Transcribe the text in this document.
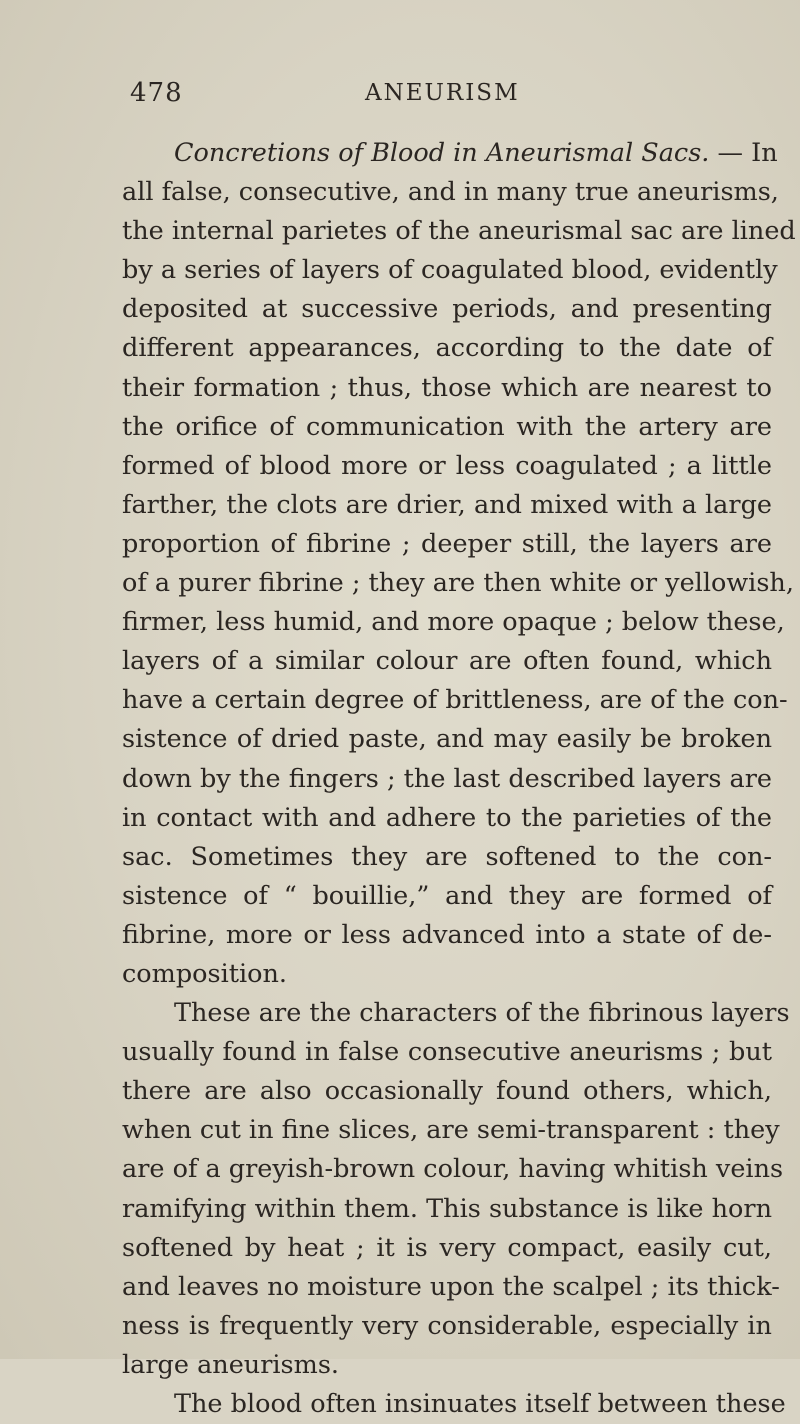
478	ANEURISM
Concretions of Blood in Aneurismal Sacs. — In
all false, consecutive, and in many true aneurisms,
the internal parietes of the aneurismal sac are lined
by a series of layers of coagulated blood, evidently
deposited at successive periods, and presenting
different appearances, according to the date of
their formation ; thus, those which are nearest to
the orifice of communication with the artery are
formed of blood more or less coagulated ; a little
farther, the clots are drier, and mixed with a large
proportion of fibrine ; deeper still, the layers are
of a purer fibrine ; they are then white or yellowish,
firmer, less humid, and more opaque ; below these,
layers of a similar colour are often found, which
have a certain degree of brittleness, are of the con-
sistence of dried paste, and may easily be broken
down by the fingers ; the last described layers are
in contact with and adhere to the parieties of the
sac. Sometimes they are softened to the con-
sistence of “ bouillie,” and they are formed of
fibrine, more or less advanced into a state of de-
composition.
These are the characters of the fibrinous layers
usually found in false consecutive aneurisms ; but
there are also occasionally found others, which,
when cut in fine slices, are semi-transparent : they
are of a greyish-brown colour, having whitish veins
ramifying within them. This substance is like horn
softened by heat ; it is very compact, easily cut,
and leaves no moisture upon the scalpel ; its thick-
ness is frequently very considerable, especially in
large aneurisms.
The blood often insinuates itself between these
